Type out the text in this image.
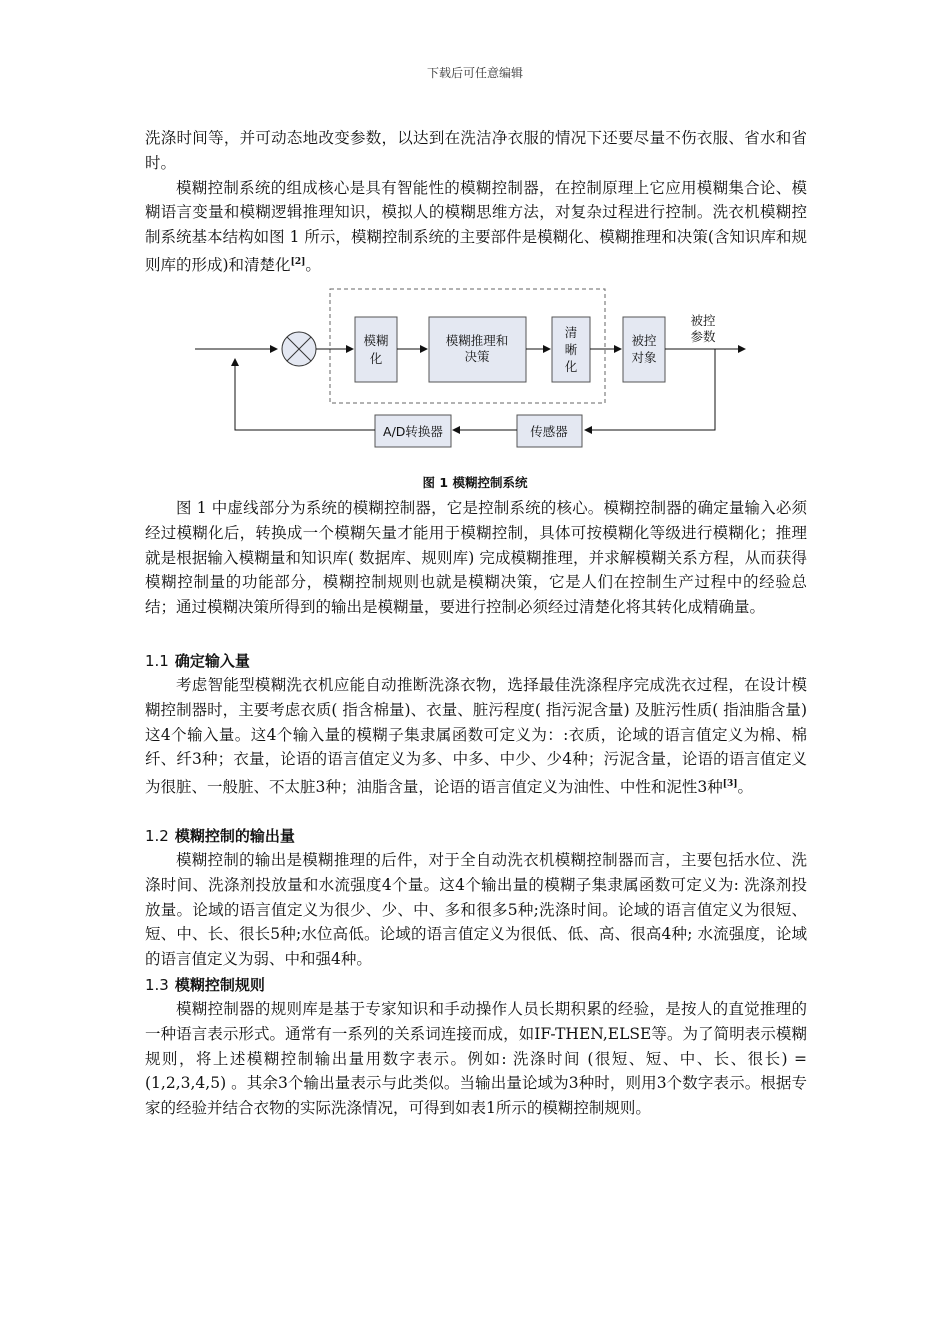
下载后可任意编辑

洗涤时间等，并可动态地改变参数，以达到在洗洁净衣服的情况下还要尽量不伤衣服、省水和省时。

模糊控制系统的组成核心是具有智能性的模糊控制器，在控制原理上它应用模糊集合论、模糊语言变量和模糊逻辑推理知识，模拟人的模糊思维方法，对复杂过程进行控制。洗衣机模糊控制系统基本结构如图 1 所示，模糊控制系统的主要部件是模糊化、模糊推理和决策(含知识库和规则库的形成)和清楚化[2]。

模糊
化
模糊推理和
决策
清
晰
化
被控
对象
被控
参数
传感器
A/D转换器
图 1 模糊控制系统

图 1 中虚线部分为系统的模糊控制器，它是控制系统的核心。模糊控制器的确定量输入必须经过模糊化后，转换成一个模糊矢量才能用于模糊控制，具体可按模糊化等级进行模糊化；推理就是根据输入模糊量和知识库( 数据库、规则库) 完成模糊推理，并求解模糊关系方程，从而获得模糊控制量的功能部分，模糊控制规则也就是模糊决策，它是人们在控制生产过程中的经验总结；通过模糊决策所得到的输出是模糊量，要进行控制必须经过清楚化将其转化成精确量。

1.1 确定输入量

考虑智能型模糊洗衣机应能自动推断洗涤衣物，选择最佳洗涤程序完成洗衣过程，在设计模糊控制器时，主要考虑衣质( 指含棉量)、衣量、脏污程度( 指污泥含量) 及脏污性质( 指油脂含量) 这4个输入量。这4个输入量的模糊子集隶属函数可定义为：:衣质，论域的语言值定义为棉、棉纤、纤3种；衣量，论语的语言值定义为多、中多、中少、少4种；污泥含量，论语的语言值定义为很脏、一般脏、不太脏3种；油脂含量，论语的语言值定义为油性、中性和泥性3种[3]。

1.2 模糊控制的输出量

模糊控制的输出是模糊推理的后件，对于全自动洗衣机模糊控制器而言，主要包括水位、洗涤时间、洗涤剂投放量和水流强度4个量。这4个输出量的模糊子集隶属函数可定义为: 洗涤剂投放量。论域的语言值定义为很少、少、中、多和很多5种;洗涤时间。论域的语言值定义为很短、短、中、长、很长5种;水位高低。论域的语言值定义为很低、低、高、很高4种; 水流强度，论域的语言值定义为弱、中和强4种。

1.3 模糊控制规则

模糊控制器的规则库是基于专家知识和手动操作人员长期积累的经验，是按人的直觉推理的一种语言表示形式。通常有一系列的关系词连接而成，如IF-THEN,ELSE等。为了简明表示模糊规则，将上述模糊控制输出量用数字表示。例如: 洗涤时间 (很短、短、中、长、很长) = (1,2,3,4,5) 。其余3个输出量表示与此类似。当输出量论域为3种时，则用3个数字表示。根据专家的经验并结合衣物的实际洗涤情况，可得到如表1所示的模糊控制规则。
